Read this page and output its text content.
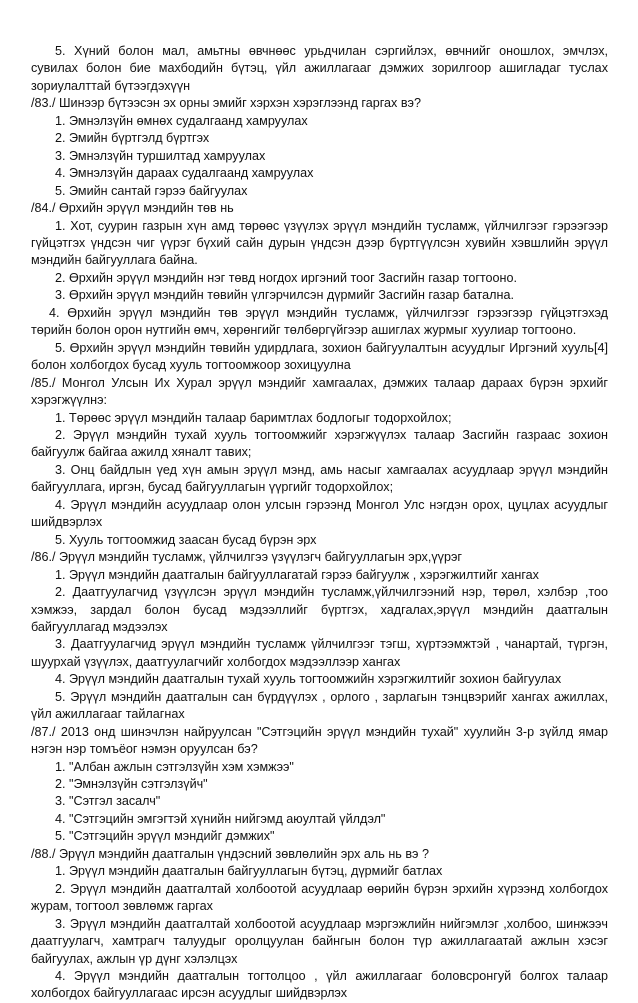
5. Хүний болон мал, амьтны өвчнөөс урьдчилан сэргийлэх, өвчнийг оношлох, эмчлэх, сувилах болон бие махбодийн бүтэц, үйл ажиллагааг дэмжих зорилгоор ашигладаг туслах зориулалттай бүтээгдэхүүн

/83./ Шинээр бүтээсэн эх орны эмийг хэрхэн хэрэглээнд гаргах вэ?

1. Эмнэлзүйн өмнөх судалгаанд хамруулах

2. Эмийн бүртгэлд бүртгэх

3. Эмнэлзүйн туршилтад хамруулах

4. Эмнэлзүйн дараах судалгаанд хамруулах

5. Эмийн сантай гэрээ байгуулах

/84./ Өрхийн эрүүл мэндийн төв нь

1. Хот, суурин газрын хүн амд төрөөс үзүүлэх эрүүл мэндийн тусламж, үйлчилгээг гэрээгээр гүйцэтгэх үндсэн чиг үүрэг бүхий сайн дурын үндсэн дээр бүртгүүлсэн хувийн хэвшлийн эрүүл мэндийн байгууллага байна.

2. Өрхийн эрүүл мэндийн нэг төвд ногдох иргэний тоог Засгийн газар тогтооно.

3. Өрхийн эрүүл мэндийн төвийн үлгэрчилсэн дүрмийг Засгийн газар батална.

4. Өрхийн эрүүл мэндийн төв эрүүл мэндийн тусламж, үйлчилгээг гэрээгээр гүйцэтгэхэд төрийн болон орон нутгийн өмч, хөрөнгийг төлбөргүйгээр ашиглах журмыг хуулиар тогтооно.

5. Өрхийн эрүүл мэндийн төвийн удирдлага, зохион байгуулалтын асуудлыг Иргэний хууль[4] болон холбогдох бусад хууль тогтоомжоор зохицуулна

/85./ Монгол Улсын Их Хурал эрүүл мэндийг хамгаалах, дэмжих талаар дараах бүрэн эрхийг хэрэгжүүлнэ:

1. Төрөөс эрүүл мэндийн талаар баримтлах бодлогыг тодорхойлох;

2. Эрүүл мэндийн тухай хууль тогтоомжийг хэрэгжүүлэх талаар Засгийн газраас зохион байгуулж байгаа ажилд хяналт тавих;

3. Онц байдлын үед хүн амын эрүүл мэнд, амь насыг хамгаалах асуудлаар эрүүл мэндийн байгууллага, иргэн, бусад байгууллагын үүргийг тодорхойлох;

4. Эрүүл мэндийн асуудлаар олон улсын гэрээнд Монгол Улс нэгдэн орох, цуцлах асуудлыг шийдвэрлэх

5. Хууль тогтоомжид заасан бусад бүрэн эрх

/86./ Эрүүл мэндийн тусламж, үйлчилгээ үзүүлэгч байгууллагын эрх,үүрэг

1. Эрүүл мэндийн даатгалын байгууллагатай гэрээ байгуулж , хэрэгжилтийг хангах

2. Даатгуулагчид үзүүлсэн эрүүл мэндийн тусламж,үйлчилгээний нэр, төрөл, хэлбэр ,тоо хэмжээ, зардал болон бусад мэдээллийг бүртгэх, хадгалах,эрүүл мэндийн даатгалын байгууллагад мэдээлэх

3. Даатгуулагчид эрүүл мэндийн тусламж үйлчилгээг тэгш, хүртээмжтэй , чанартай, түргэн, шуурхай үзүүлэх, даатгуулагчийг холбогдох мэдээллээр хангах

4. Эрүүл мэндийн даатгалын тухай хууль тогтоомжийн хэрэгжилтийг зохион байгуулах

5. Эрүүл мэндийн даатгалын сан бүрдүүлэх , орлого , зарлагын тэнцвэрийг хангах ажиллах, үйл ажиллагааг тайлагнах

/87./ 2013 онд шинэчлэн найруулсан "Сэтгэцийн эрүүл мэндийн тухай" хуулийн 3-р зүйлд ямар нэгэн нэр томъёог нэмэн оруулсан бэ?

1. "Албан ажлын сэтгэлзүйн хэм хэмжээ"

2. "Эмнэлзүйн сэтгэлзүйч"

3. "Сэтгэл засалч"

4. "Сэтгэцийн эмгэгтэй хүнийн нийгэмд аюултай үйлдэл"

5. "Сэтгэцийн эрүүл мэндийг дэмжих"

/88./ Эрүүл мэндийн даатгалын үндэсний зөвлөлийн эрх аль нь вэ ?

1. Эрүүл мэндийн даатгалын байгууллагын бүтэц, дүрмийг батлах

2. Эрүүл мэндийн даатгалтай холбоотой асуудлаар өөрийн бүрэн эрхийн хүрээнд холбогдох журам, тогтоол зөвлөмж гаргах

3. Эрүүл мэндийн даатгалтай холбоотой асуудлаар мэргэжлийн нийгэмлэг ,холбоо, шинжээч даатгуулагч, хамтрагч талуудыг оролцуулан байнгын болон түр ажиллагаатай ажлын хэсэг байгуулах, ажлын үр дүнг хэлэлцэх

4. Эрүүл мэндийн даатгалын тогтолцоо , үйл ажиллагааг боловсронгуй болгох талаар холбогдох байгууллагаас ирсэн асуудлыг шийдвэрлэх
